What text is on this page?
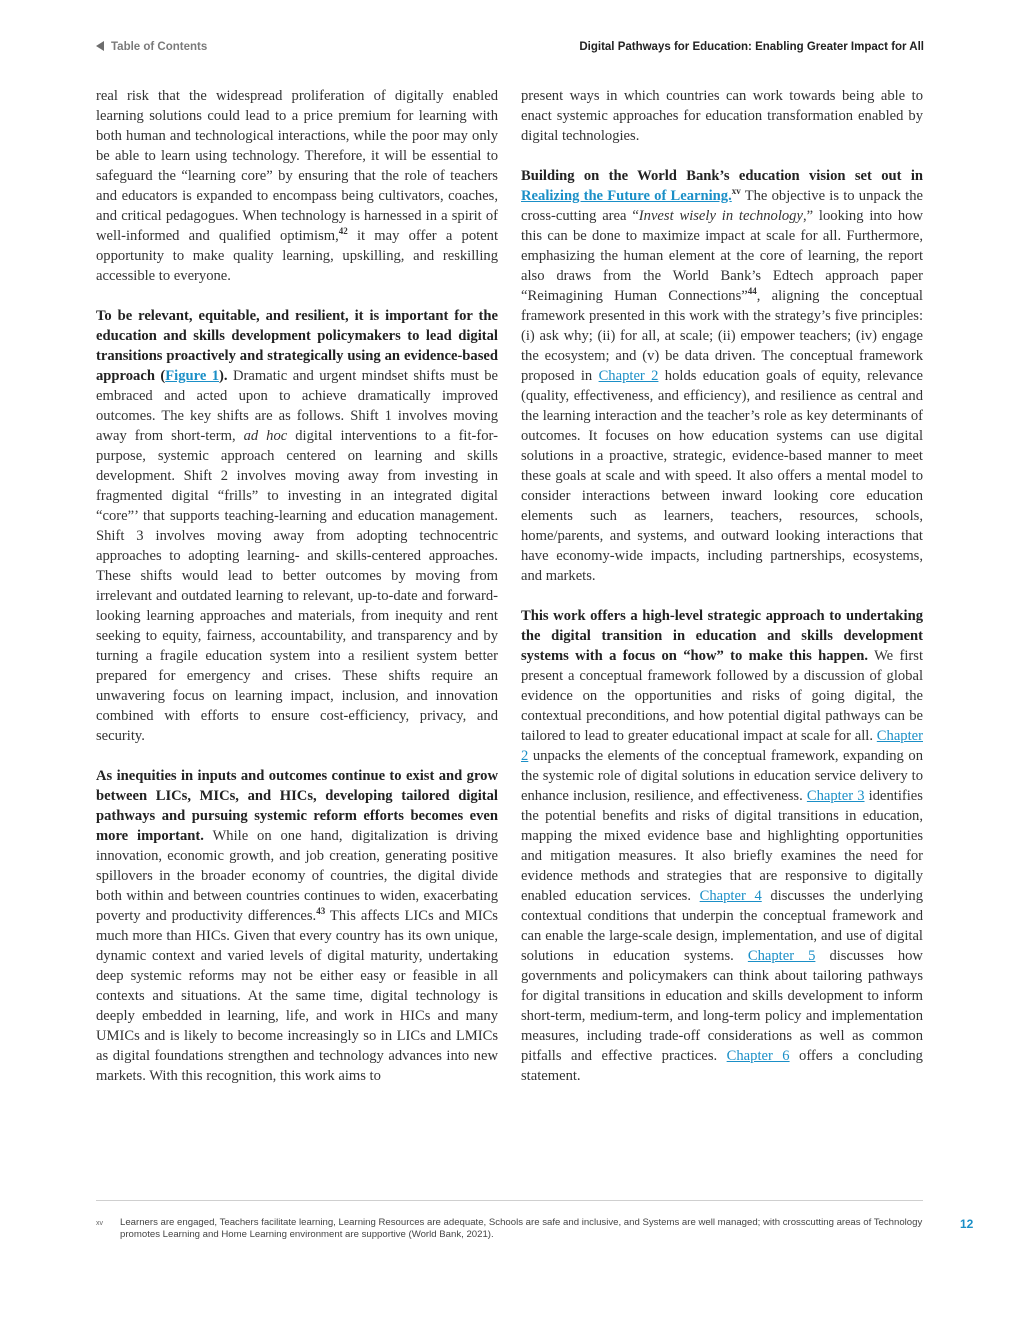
Table of Contents	Digital Pathways for Education: Enabling Greater Impact for All

real risk that the widespread proliferation of digitally enabled learning solutions could lead to a price premium for learning with both human and technological interactions, while the poor may only be able to learn using technology. Therefore, it will be essential to safeguard the “learning core” by ensuring that the role of teachers and educators is expanded to encompass being cultivators, coaches, and critical pedagogues. When technology is harnessed in a spirit of well-informed and qualified optimism,$^{42}$ it may offer a potent opportunity to make quality learning, upskilling, and reskilling accessible to everyone.

To be relevant, equitable, and resilient, it is important for the education and skills development policymakers to lead digital transitions proactively and strategically using an evidence-based approach (Figure 1). Dramatic and urgent mindset shifts must be embraced and acted upon to achieve dramatically improved outcomes. The key shifts are as follows. Shift 1 involves moving away from short-term, ad hoc digital interventions to a fit-for-purpose, systemic approach centered on learning and skills development. Shift 2 involves moving away from investing in fragmented digital “frills” to investing in an integrated digital “core”’ that supports teaching-learning and education management. Shift 3 involves moving away from adopting technocentric approaches to adopting learning- and skills-centered approaches. These shifts would lead to better outcomes by moving from irrelevant and outdated learning to relevant, up-to-date and forward-looking learning approaches and materials, from inequity and rent seeking to equity, fairness, accountability, and transparency and by turning a fragile education system into a resilient system better prepared for emergency and crises. These shifts require an unwavering focus on learning impact, inclusion, and innovation combined with efforts to ensure cost-efficiency, privacy, and security.

As inequities in inputs and outcomes continue to exist and grow between LICs, MICs, and HICs, developing tailored digital pathways and pursuing systemic reform efforts becomes even more important. While on one hand, digitalization is driving innovation, economic growth, and job creation, generating positive spillovers in the broader economy of countries, the digital divide both within and between countries continues to widen, exacerbating poverty and productivity differences.$^{43}$ This affects LICs and MICs much more than HICs. Given that every country has its own unique, dynamic context and varied levels of digital maturity, undertaking deep systemic reforms may not be either easy or feasible in all contexts and situations. At the same time, digital technology is deeply embedded in learning, life, and work in HICs and many UMICs and is likely to become increasingly so in LICs and LMICs as digital foundations strengthen and technology advances into new markets. With this recognition, this work aims to

present ways in which countries can work towards being able to enact systemic approaches for education transformation enabled by digital technologies.

Building on the World Bank’s education vision set out in Realizing the Future of Learning.$^{xv}$ The objective is to unpack the cross-cutting area “Invest wisely in technology,” looking into how this can be done to maximize impact at scale for all. Furthermore, emphasizing the human element at the core of learning, the report also draws from the World Bank’s Edtech approach paper “Reimagining Human Connections”$^{44}$, aligning the conceptual framework presented in this work with the strategy’s five principles: (i) ask why; (ii) for all, at scale; (ii) empower teachers; (iv) engage the ecosystem; and (v) be data driven. The conceptual framework proposed in Chapter 2 holds education goals of equity, relevance (quality, effectiveness, and efficiency), and resilience as central and the learning interaction and the teacher’s role as key determinants of outcomes. It focuses on how education systems can use digital solutions in a proactive, strategic, evidence-based manner to meet these goals at scale and with speed. It also offers a mental model to consider interactions between inward looking core education elements such as learners, teachers, resources, schools, home/parents, and systems, and outward looking interactions that have economy-wide impacts, including partnerships, ecosystems, and markets.

This work offers a high-level strategic approach to undertaking the digital transition in education and skills development systems with a focus on “how” to make this happen. We first present a conceptual framework followed by a discussion of global evidence on the opportunities and risks of going digital, the contextual preconditions, and how potential digital pathways can be tailored to lead to greater educational impact at scale for all. Chapter 2 unpacks the elements of the conceptual framework, expanding on the systemic role of digital solutions in education service delivery to enhance inclusion, resilience, and effectiveness. Chapter 3 identifies the potential benefits and risks of digital transitions in education, mapping the mixed evidence base and highlighting opportunities and mitigation measures. It also briefly examines the need for evidence methods and strategies that are responsive to digitally enabled education services. Chapter 4 discusses the underlying contextual conditions that underpin the conceptual framework and can enable the large-scale design, implementation, and use of digital solutions in education systems. Chapter 5 discusses how governments and policymakers can think about tailoring pathways for digital transitions in education and skills development to inform short-term, medium-term, and long-term policy and implementation measures, including trade-off considerations as well as common pitfalls and effective practices. Chapter 6 offers a concluding statement.

xv Learners are engaged, Teachers facilitate learning, Learning Resources are adequate, Schools are safe and inclusive, and Systems are well managed; with crosscutting areas of Technology promotes Learning and Home Learning environment are supportive (World Bank, 2021).
12
